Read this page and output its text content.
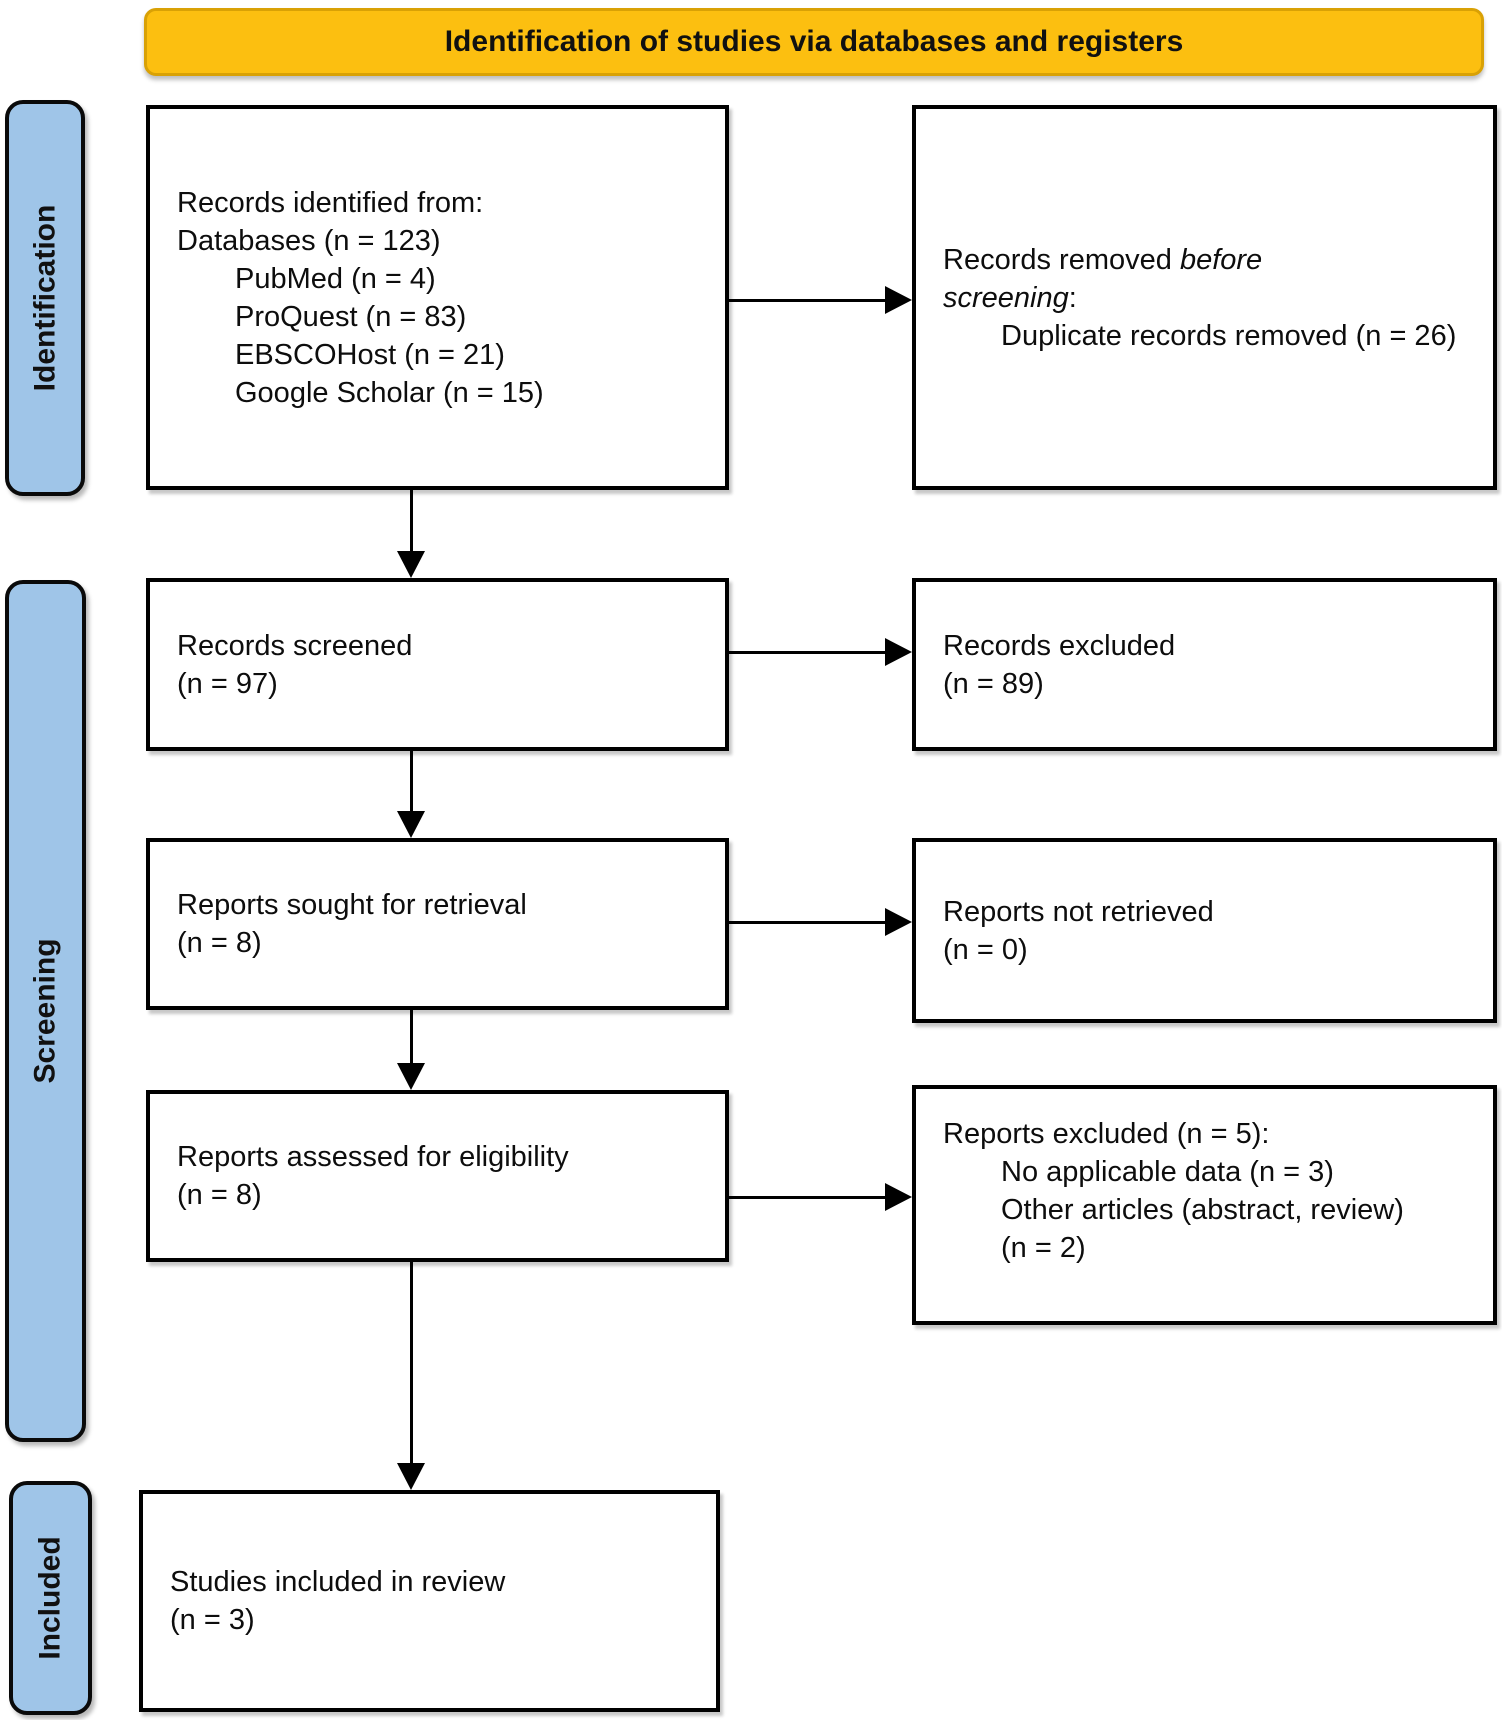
Identification of studies via databases and registers
Identification
Screening
Included
Records identified from:
Databases (n = 123)
PubMed (n = 4)
ProQuest (n = 83)
EBSCOHost (n = 21)
Google Scholar (n = 15)
Records removed before
screening:
Duplicate records removed (n = 26)
Records screened
(n = 97)
Records excluded
(n = 89)
Reports sought for retrieval
(n = 8)
Reports not retrieved
(n = 0)
Reports assessed for eligibility
(n = 8)
Reports excluded (n = 5):
No applicable data (n = 3)
Other articles (abstract, review) (n = 2)
Studies included in review
(n = 3)
